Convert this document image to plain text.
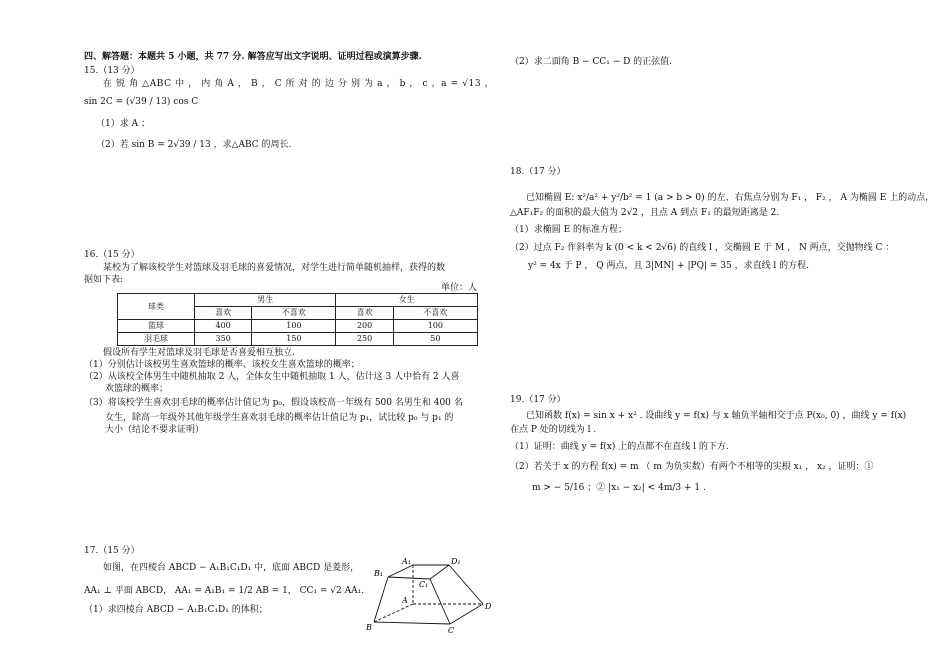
四、解答题：本题共 5 小题，共 77 分. 解答应写出文字说明、证明过程或演算步骤.
15.（13 分）
在 锐 角 △ABC 中 ， 内 角 A ， B ， C 所 对 的 边 分 别 为 a ， b ， c ，a = √13 ，
sin 2C = (√39 / 13) cos C
（1）求 A ；
（2）若 sin B = 2√39 / 13 ，求△ABC 的周长.
16.（15 分）
某校为了解该校学生对篮球及羽毛球的喜爱情况，对学生进行简单随机抽样，获得的数
据如下表:
单位：人
球类	男生		女生	
	喜欢	不喜欢	喜欢	不喜欢
篮球	400	100	200	100
羽毛球	350	150	250	50
假设所有学生对篮球及羽毛球是否喜爱相互独立.
（1）分别估计该校男生喜欢篮球的概率、该校女生喜欢篮球的概率；
（2）从该校全体男生中随机抽取 2 人，全体女生中随机抽取 1 人，估计这 3 人中恰有 2 人喜
欢篮球的概率；
（3）将该校学生喜欢羽毛球的概率估计值记为 p₀，假设该校高一年级有 500 名男生和 400 名
女生，除高一年级外其他年级学生喜欢羽毛球的概率估计值记为 p₁，试比较 p₀ 与 p₁ 的
大小（结论不要求证明）
17.（15 分）
如图，在四棱台 ABCD − A₁B₁C₁D₁ 中，底面 ABCD 是菱形，
AA₁ ⊥ 平面 ABCD， AA₁ = A₁B₁ = 1/2 AB = 1， CC₁ = √2 AA₁.
（1）求四棱台 ABCD − A₁B₁C₁D₁ 的体积；
A₁	D₁
B₁
C₁
A
D
B	C
（2）求二面角 B − CC₁ − D 的正弦值.
18.（17 分）
已知椭圆 E: x²/a² + y²/b² = 1 (a > b > 0) 的左、右焦点分别为 F₁ ， F₂ ， A 为椭圆 E 上的动点，
△AF₁F₂ 的面积的最大值为 2√2 ，且点 A 到点 F₁ 的最短距离是 2.
（1）求椭圆 E 的标准方程；
（2）过点 F₂ 作斜率为 k (0 < k < 2√6) 的直线 l ，交椭圆 E 于 M ， N 两点，交抛物线 C ：
y² = 4x 于 P ， Q 两点，且 3|MN| + |PQ| = 35 ，求直线 l 的方程.
19.（17 分）
已知函数 f(x) = sin x + x² . 设曲线 y = f(x) 与 x 轴负半轴相交于点 P(x₀, 0) ，曲线 y = f(x)
在点 P 处的切线为 l .
（1）证明：曲线 y = f(x) 上的点都不在直线 l 的下方.
（2）若关于 x 的方程 f(x) = m （ m 为负实数）有两个不相等的实根 x₁ ， x₂ ，证明：①
m > − 5/16 ；② |x₁ − x₂| < 4m/3 + 1 .
